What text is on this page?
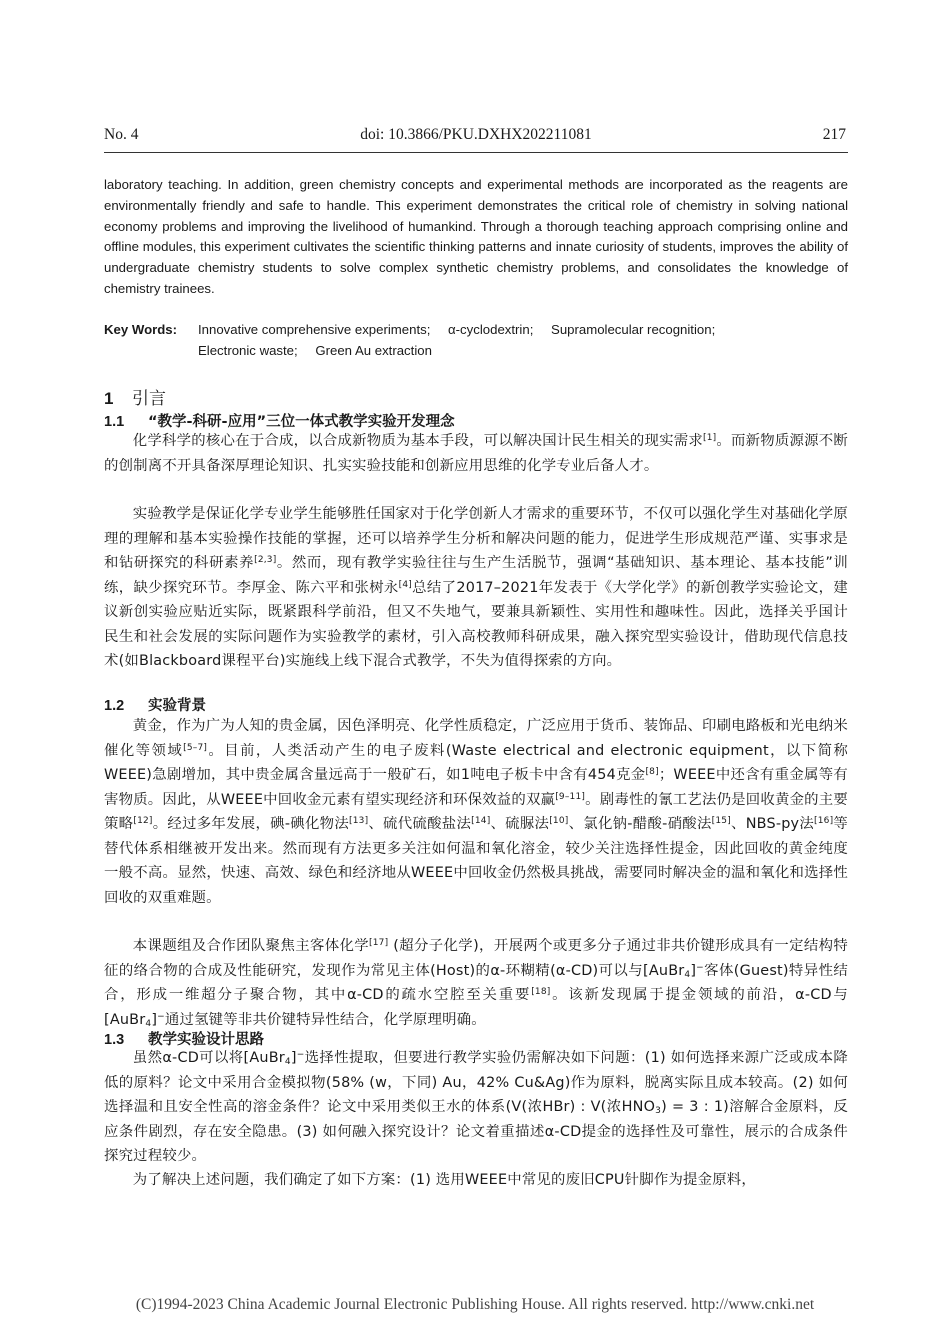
No. 4	doi: 10.3866/PKU.DXHX202211081	217
laboratory teaching. In addition, green chemistry concepts and experimental methods are incorporated as the reagents are environmentally friendly and safe to handle. This experiment demonstrates the critical role of chemistry in solving national economy problems and improving the livelihood of humankind. Through a thorough teaching approach comprising online and offline modules, this experiment cultivates the scientific thinking patterns and innate curiosity of students, improves the ability of undergraduate chemistry students to solve complex synthetic chemistry problems, and consolidates the knowledge of chemistry trainees.
Key Words: Innovative comprehensive experiments; α-cyclodextrin; Supramolecular recognition;
Electronic waste; Green Au extraction
1 引言
1.1 “教学-科研-应用”三位一体式教学实验开发理念
化学科学的核心在于合成，以合成新物质为基本手段，可以解决国计民生相关的现实需求[1]。而新物质源源不断的创制离不开具备深厚理论知识、扎实实验技能和创新应用思维的化学专业后备人才。
实验教学是保证化学专业学生能够胜任国家对于化学创新人才需求的重要环节，不仅可以强化学生对基础化学原理的理解和基本实验操作技能的掌握，还可以培养学生分析和解决问题的能力，促进学生形成规范严谨、实事求是和钻研探究的科研素养[2,3]。然而，现有教学实验往往与生产生活脱节，强调“基础知识、基本理论、基本技能”训练，缺少探究环节。李厚金、陈六平和张树永[4]总结了2017–2021年发表于《大学化学》的新创教学实验论文，建议新创实验应贴近实际，既紧跟科学前沿，但又不失地气，要兼具新颖性、实用性和趣味性。因此，选择关乎国计民生和社会发展的实际问题作为实验教学的素材，引入高校教师科研成果，融入探究型实验设计，借助现代信息技术(如Blackboard课程平台)实施线上线下混合式教学，不失为值得探索的方向。
1.2 实验背景
黄金，作为广为人知的贵金属，因色泽明亮、化学性质稳定，广泛应用于货币、装饰品、印刷电路板和光电纳米催化等领域[5–7]。目前，人类活动产生的电子废料(Waste electrical and electronic equipment，以下简称WEEE)急剧增加，其中贵金属含量远高于一般矿石，如1吨电子板卡中含有454克金[8]；WEEE中还含有重金属等有害物质。因此，从WEEE中回收金元素有望实现经济和环保效益的双赢[9–11]。剧毒性的氰工艺法仍是回收黄金的主要策略[12]。经过多年发展，碘-碘化物法[13]、硫代硫酸盐法[14]、硫脲法[10]、氯化钠-醋酸-硝酸法[15]、NBS-py法[16]等替代体系相继被开发出来。然而现有方法更多关注如何温和氧化溶金，较少关注选择性提金，因此回收的黄金纯度一般不高。显然，快速、高效、绿色和经济地从WEEE中回收金仍然极具挑战，需要同时解决金的温和氧化和选择性回收的双重难题。
本课题组及合作团队聚焦主客体化学[17] (超分子化学)，开展两个或更多分子通过非共价键形成具有一定结构特征的络合物的合成及性能研究，发现作为常见主体(Host)的α-环糊精(α-CD)可以与[AuBr$_4$]−客体(Guest)特异性结合，形成一维超分子聚合物，其中α-CD的疏水空腔至关重要[18]。该新发现属于提金领域的前沿，α-CD与[AuBr$_4$]−通过氢键等非共价键特异性结合，化学原理明确。
1.3 教学实验设计思路
虽然α-CD可以将[AuBr$_4$]−选择性提取，但要进行教学实验仍需解决如下问题：(1) 如何选择来源广泛或成本降低的原料？论文中采用合金模拟物(58% (w，下同) Au，42% Cu&Ag)作为原料，脱离实际且成本较高。(2) 如何选择温和且安全性高的溶金条件？论文中采用类似王水的体系(V(浓HBr) : V(浓$HNO_3) = 3$ : 1)溶解合金原料，反应条件剧烈，存在安全隐患。(3) 如何融入探究设计？论文着重描述α-CD提金的选择性及可靠性，展示的合成条件探究过程较少。
为了解决上述问题，我们确定了如下方案：(1) 选用WEEE中常见的废旧CPU针脚作为提金原料，
(C)1994-2023 China Academic Journal Electronic Publishing House. All rights reserved. http://www.cnki.net
